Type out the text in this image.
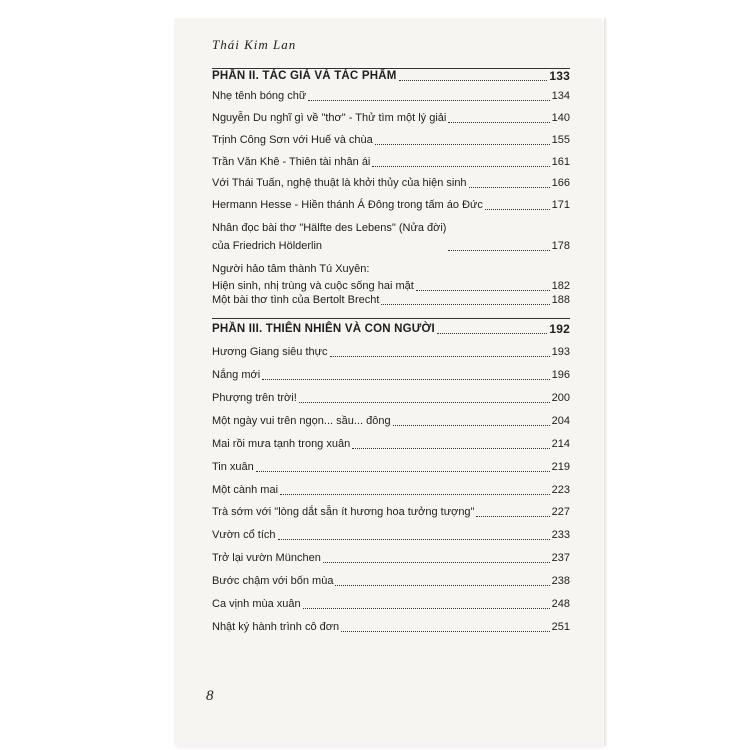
Thái Kim Lan
PHẦN II. TÁC GIẢ VÀ TÁC PHẨM	133
Nhẹ tênh bóng chữ	134
Nguyễn Du nghĩ gì về "thơ" - Thử tìm một lý giải	140
Trịnh Công Sơn với Huế và chùa	155
Trần Văn Khê - Thiên tài nhân ái	161
Với Thái Tuấn, nghệ thuật là khởi thủy của hiện sinh	166
Hermann Hesse - Hiền thánh Á Đông trong tấm áo Đức	171
Nhân đọc bài thơ "Hälfte des Lebens" (Nửa đời)
của Friedrich Hölderlin	178
Người hảo tâm thành Tú Xuyên:
Hiện sinh, nhị trùng và cuộc sống hai mặt	182
Một bài thơ tình của Bertolt Brecht	188
PHẦN III. THIÊN NHIÊN VÀ CON NGƯỜI	192
Hương Giang siêu thực	193
Nắng mới	196
Phượng trên trời!	200
Một ngày vui trên ngọn... sầu... đông	204
Mai rồi mưa tạnh trong xuân	214
Tin xuân	219
Một cành mai	223
Trà sớm với "lòng dắt sẵn ít hương hoa tưởng tượng"	227
Vườn cổ tích	233
Trở lại vườn München	237
Bước chậm với bốn mùa	238
Ca vịnh mùa xuân	248
Nhật ký hành trình cô đơn	251
8
